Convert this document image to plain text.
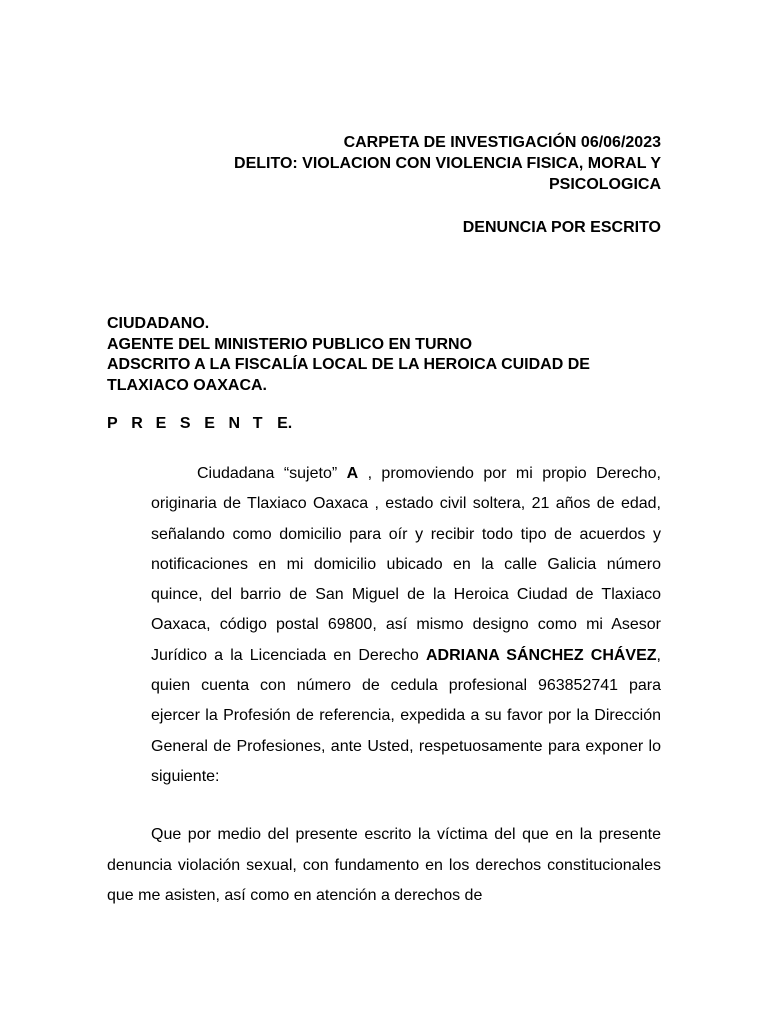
CARPETA DE INVESTIGACIÓN 06/06/2023
DELITO: VIOLACION CON VIOLENCIA FISICA, MORAL Y
PSICOLOGICA
DENUNCIA POR ESCRITO
CIUDADANO.
AGENTE DEL MINISTERIO PUBLICO EN TURNO
ADSCRITO A LA FISCALÍA LOCAL DE LA HEROICA CUIDAD DE
TLAXIACO OAXACA.
P R E S E N T E.
Ciudadana “sujeto” A , promoviendo por mi propio Derecho, originaria de Tlaxiaco Oaxaca , estado civil soltera, 21 años de edad, señalando como domicilio para oír y recibir todo tipo de acuerdos y notificaciones en mi domicilio ubicado en la calle Galicia número quince, del barrio de San Miguel de la Heroica Ciudad de Tlaxiaco Oaxaca, código postal 69800, así mismo designo como mi Asesor Jurídico a la Licenciada en Derecho ADRIANA SÁNCHEZ CHÁVEZ, quien cuenta con número de cedula profesional 963852741 para ejercer la Profesión de referencia, expedida a su favor por la Dirección General de Profesiones, ante Usted, respetuosamente para exponer lo siguiente:
Que por medio del presente escrito la víctima del que en la presente denuncia violación sexual, con fundamento en los derechos constitucionales que me asisten, así como en atención a derechos de
